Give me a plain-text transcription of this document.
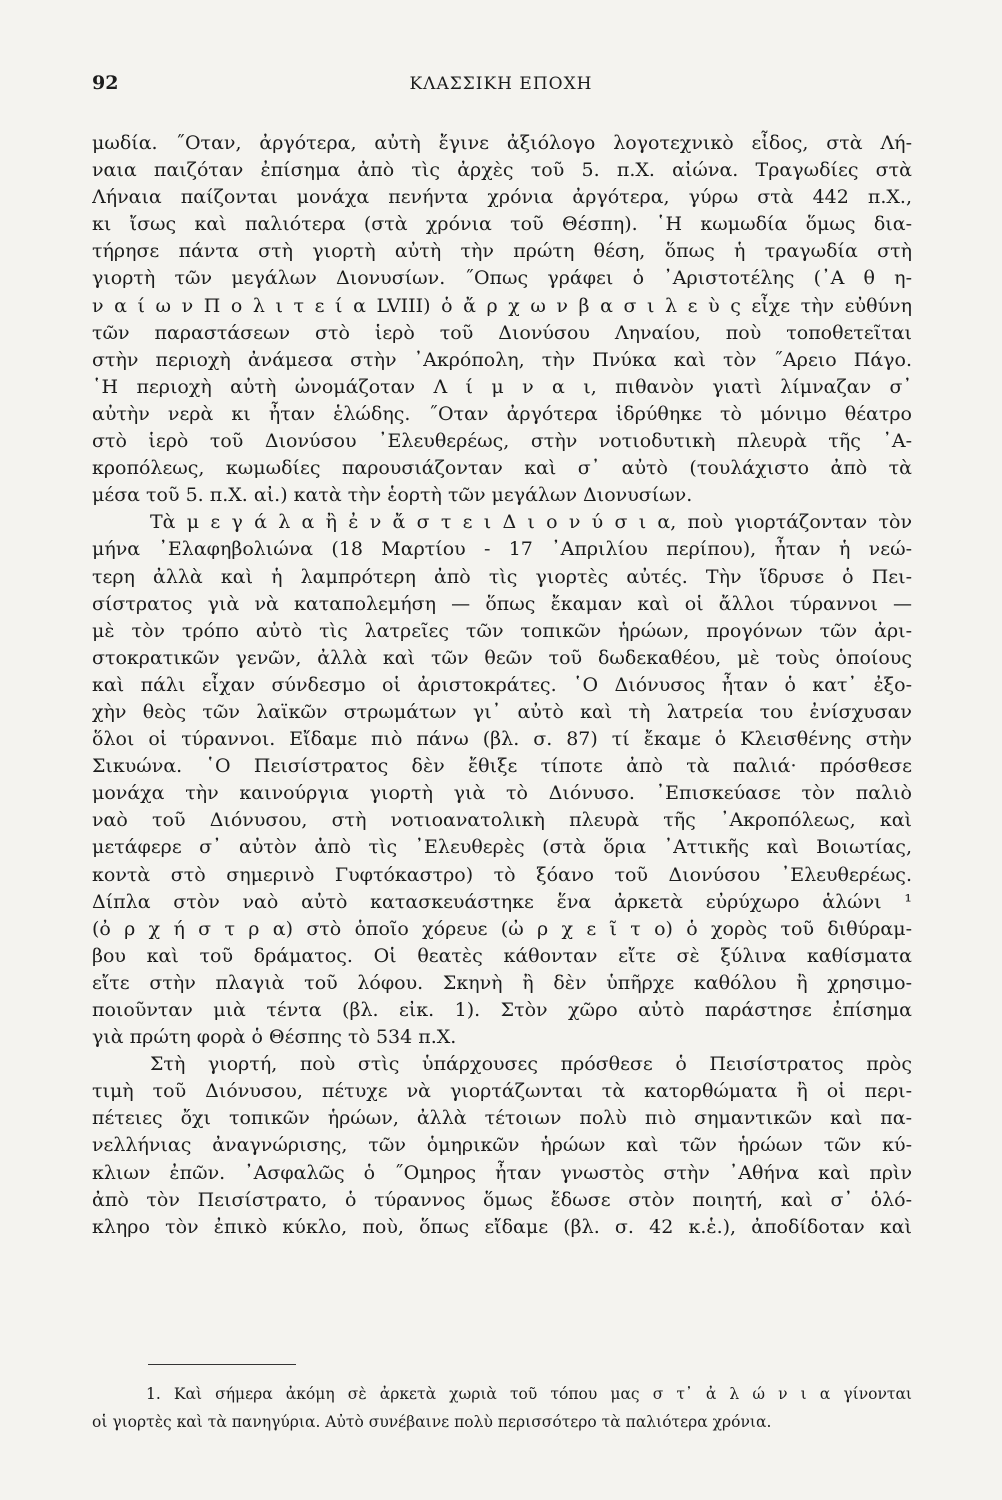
92	ΚΛΑΣΣΙΚΗ ΕΠΟΧΗ
μωδία. ˝Οταν, ἀργότερα, αὐτὴ ἔγινε ἀξιόλογο λογοτεχνικὸ εἶδος, στὰ Λή-
ναια παιζόταν ἐπίσημα ἀπὸ τὶς ἀρχὲς τοῦ 5. π.Χ. αἰώνα. Τραγωδίες στὰ
Λήναια παίζονται μονάχα πενήντα χρόνια ἀργότερα, γύρω στὰ 442 π.Χ.,
κι ἴσως καὶ παλιότερα (στὰ χρόνια τοῦ Θέσπη). ῾Η κωμωδία ὅμως δια-
τήρησε πάντα στὴ γιορτὴ αὐτὴ τὴν πρώτη θέση, ὅπως ἡ τραγωδία στὴ
γιορτὴ τῶν μεγάλων Διονυσίων. ˝Οπως γράφει ὁ ᾽Αριστοτέλης (᾽Α θ η-
ν α ί ω ν Π ο λ ι τ ε ί α LVIII) ὁ ἄ ρ χ ω ν β α σ ι λ ε ὺ ς εἶχε τὴν εὐθύνη
τῶν παραστάσεων στὸ ἱερὸ τοῦ Διονύσου Ληναίου, ποὺ τοποθετεῖται
στὴν περιοχὴ ἀνάμεσα στὴν ᾽Ακρόπολη, τὴν Πνύκα καὶ τὸν ˝Αρειο Πάγο.
῾Η περιοχὴ αὐτὴ ὠνομάζοταν Λ ί μ ν α ι, πιθανὸν γιατὶ λίμναζαν σ᾽
αὐτὴν νερὰ κι ἦταν ἑλώδης. ˝Οταν ἀργότερα ἱδρύθηκε τὸ μόνιμο θέατρο
στὸ ἱερὸ τοῦ Διονύσου ᾽Ελευθερέως, στὴν νοτιοδυτικὴ πλευρὰ τῆς ᾽Α-
κροπόλεως, κωμωδίες παρουσιάζονταν καὶ σ᾽ αὐτὸ (τουλάχιστο ἀπὸ τὰ
μέσα τοῦ 5. π.Χ. αἰ.) κατὰ τὴν ἑορτὴ τῶν μεγάλων Διονυσίων.
Τὰ μ ε γ ά λ α ἢ ἐ ν ἄ σ τ ε ι Δ ι ο ν ύ σ ι α, ποὺ γιορτάζονταν τὸν
μήνα ᾽Ελαφηβολιώνα (18 Μαρτίου - 17 ᾽Απριλίου περίπου), ἦταν ἡ νεώ-
τερη ἀλλὰ καὶ ἡ λαμπρότερη ἀπὸ τὶς γιορτὲς αὐτές. Τὴν ἵδρυσε ὁ Πει-
σίστρατος γιὰ νὰ καταπολεμήση — ὅπως ἔκαμαν καὶ οἱ ἄλλοι τύραννοι —
μὲ τὸν τρόπο αὐτὸ τὶς λατρεῖες τῶν τοπικῶν ἡρώων, προγόνων τῶν ἀρι-
στοκρατικῶν γενῶν, ἀλλὰ καὶ τῶν θεῶν τοῦ δωδεκαθέου, μὲ τοὺς ὁποίους
καὶ πάλι εἶχαν σύνδεσμο οἱ ἀριστοκράτες. ῾Ο Διόνυσος ἦταν ὁ κατ᾽ ἐξο-
χὴν θεὸς τῶν λαϊκῶν στρωμάτων γι᾽ αὐτὸ καὶ τὴ λατρεία του ἐνίσχυσαν
ὅλοι οἱ τύραννοι. Εἴδαμε πιὸ πάνω (βλ. σ. 87) τί ἔκαμε ὁ Κλεισθένης στὴν
Σικυώνα. ῾Ο Πεισίστρατος δὲν ἔθιξε τίποτε ἀπὸ τὰ παλιά· πρόσθεσε
μονάχα τὴν καινούργια γιορτὴ γιὰ τὸ Διόνυσο. ᾽Επισκεύασε τὸν παλιὸ
ναὸ τοῦ Διόνυσου, στὴ νοτιοανατολικὴ πλευρὰ τῆς ᾽Ακροπόλεως, καὶ
μετάφερε σ᾽ αὐτὸν ἀπὸ τὶς ᾽Ελευθερὲς (στὰ ὅρια ᾽Αττικῆς καὶ Βοιωτίας,
κοντὰ στὸ σημερινὸ Γυφτόκαστρο) τὸ ξόανο τοῦ Διονύσου ᾽Ελευθερέως.
Δίπλα στὸν ναὸ αὐτὸ κατασκευάστηκε ἕνα ἀρκετὰ εὐρύχωρο ἁλώνι ¹
(ὀ ρ χ ή σ τ ρ α) στὸ ὁποῖο χόρευε (ὠ ρ χ ε ῖ τ ο) ὁ χορὸς τοῦ διθύραμ-
βου καὶ τοῦ δράματος. Οἱ θεατὲς κάθονταν εἴτε σὲ ξύλινα καθίσματα
εἴτε στὴν πλαγιὰ τοῦ λόφου. Σκηνὴ ἢ δὲν ὑπῆρχε καθόλου ἢ χρησιμο-
ποιοῦνταν μιὰ τέντα (βλ. εἰκ. 1). Στὸν χῶρο αὐτὸ παράστησε ἐπίσημα
γιὰ πρώτη φορὰ ὁ Θέσπης τὸ 534 π.Χ.
Στὴ γιορτή, ποὺ στὶς ὑπάρχουσες πρόσθεσε ὁ Πεισίστρατος πρὸς
τιμὴ τοῦ Διόνυσου, πέτυχε νὰ γιορτάζωνται τὰ κατορθώματα ἢ οἱ περι-
πέτειες ὄχι τοπικῶν ἡρώων, ἀλλὰ τέτοιων πολὺ πιὸ σημαντικῶν καὶ πα-
νελλήνιας ἀναγνώρισης, τῶν ὁμηρικῶν ἡρώων καὶ τῶν ἡρώων τῶν κύ-
κλιων ἐπῶν. ᾽Ασφαλῶς ὁ ˝Ομηρος ἦταν γνωστὸς στὴν ᾽Αθήνα καὶ πρὶν
ἀπὸ τὸν Πεισίστρατο, ὁ τύραννος ὅμως ἔδωσε στὸν ποιητή, καὶ σ᾽ ὁλό-
κληρο τὸν ἐπικὸ κύκλο, ποὺ, ὅπως εἴδαμε (βλ. σ. 42 κ.ἑ.), ἀποδίδοταν καὶ
1. Καὶ σήμερα ἀκόμη σὲ ἀρκετὰ χωριὰ τοῦ τόπου μας σ τ᾽ ἀ λ ώ ν ι α γίνονται
οἱ γιορτὲς καὶ τὰ πανηγύρια. Αὐτὸ συνέβαινε πολὺ περισσότερο τὰ παλιότερα χρόνια.
